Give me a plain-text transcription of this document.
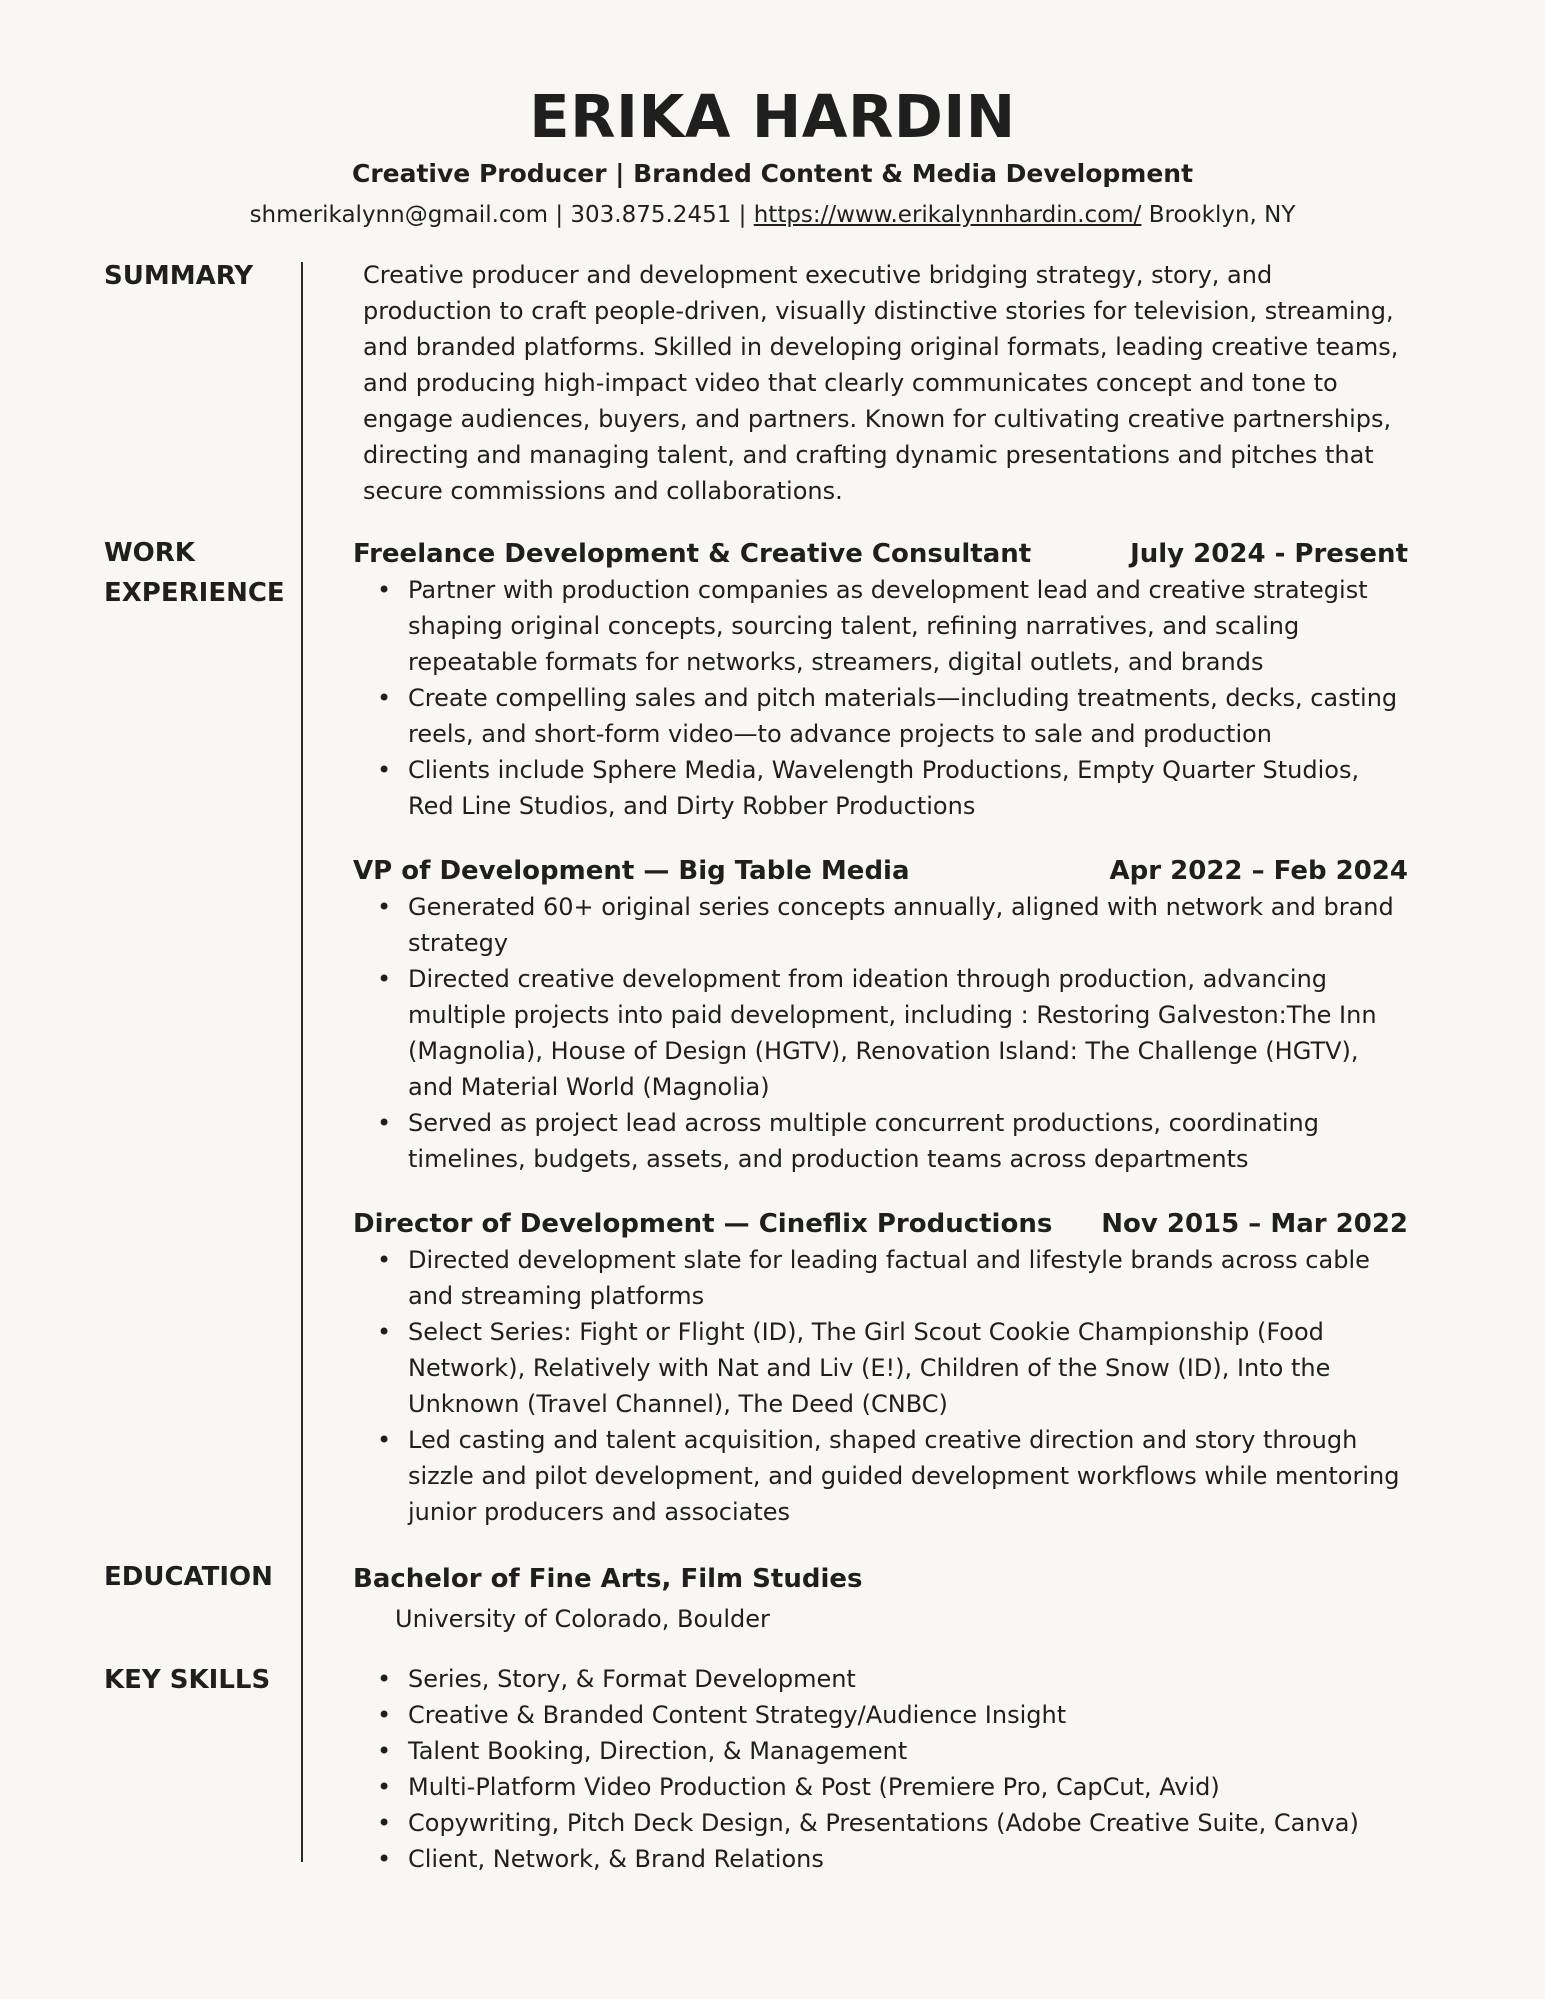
ERIKA HARDIN
Creative Producer | Branded Content & Media Development
shmerikalynn@gmail.com | 303.875.2451 | https://www.erikalynnhardin.com/ Brooklyn, NY
SUMMARY	Creative producer and development executive bridging strategy, story, and production to craft people-driven, visually distinctive stories for television, streaming, and branded platforms. Skilled in developing original formats, leading creative teams, and producing high-impact video that clearly communicates concept and tone to engage audiences, buyers, and partners. Known for cultivating creative partnerships, directing and managing talent, and crafting dynamic presentations and pitches that secure commissions and collaborations.
WORK
EXPERIENCE
Freelance Development & Creative Consultant	July 2024 - Present
• Partner with production companies as development lead and creative strategist shaping original concepts, sourcing talent, refining narratives, and scaling repeatable formats for networks, streamers, digital outlets, and brands
• Create compelling sales and pitch materials—including treatments, decks, casting reels, and short-form video—to advance projects to sale and production
• Clients include Sphere Media, Wavelength Productions, Empty Quarter Studios, Red Line Studios, and Dirty Robber Productions
VP of Development — Big Table Media	Apr 2022 – Feb 2024
• Generated 60+ original series concepts annually, aligned with network and brand strategy
• Directed creative development from ideation through production, advancing multiple projects into paid development, including : Restoring Galveston:The Inn (Magnolia), House of Design (HGTV), Renovation Island: The Challenge (HGTV), and Material World (Magnolia)
• Served as project lead across multiple concurrent productions, coordinating timelines, budgets, assets, and production teams across departments
Director of Development — Cineflix Productions Nov 2015 – Mar 2022
• Directed development slate for leading factual and lifestyle brands across cable and streaming platforms
• Select Series: Fight or Flight (ID), The Girl Scout Cookie Championship (Food Network), Relatively with Nat and Liv (E!), Children of the Snow (ID), Into the Unknown (Travel Channel), The Deed (CNBC)
• Led casting and talent acquisition, shaped creative direction and story through sizzle and pilot development, and guided development workflows while mentoring junior producers and associates
EDUCATION	Bachelor of Fine Arts, Film Studies
University of Colorado, Boulder
KEY SKILLS
•	Series, Story, & Format Development
• Creative & Branded Content Strategy/Audience Insight
• Talent Booking, Direction, & Management
• Multi-Platform Video Production & Post (Premiere Pro, CapCut, Avid)
• Copywriting, Pitch Deck Design, & Presentations (Adobe Creative Suite, Canva)
• Client, Network, & Brand Relations
